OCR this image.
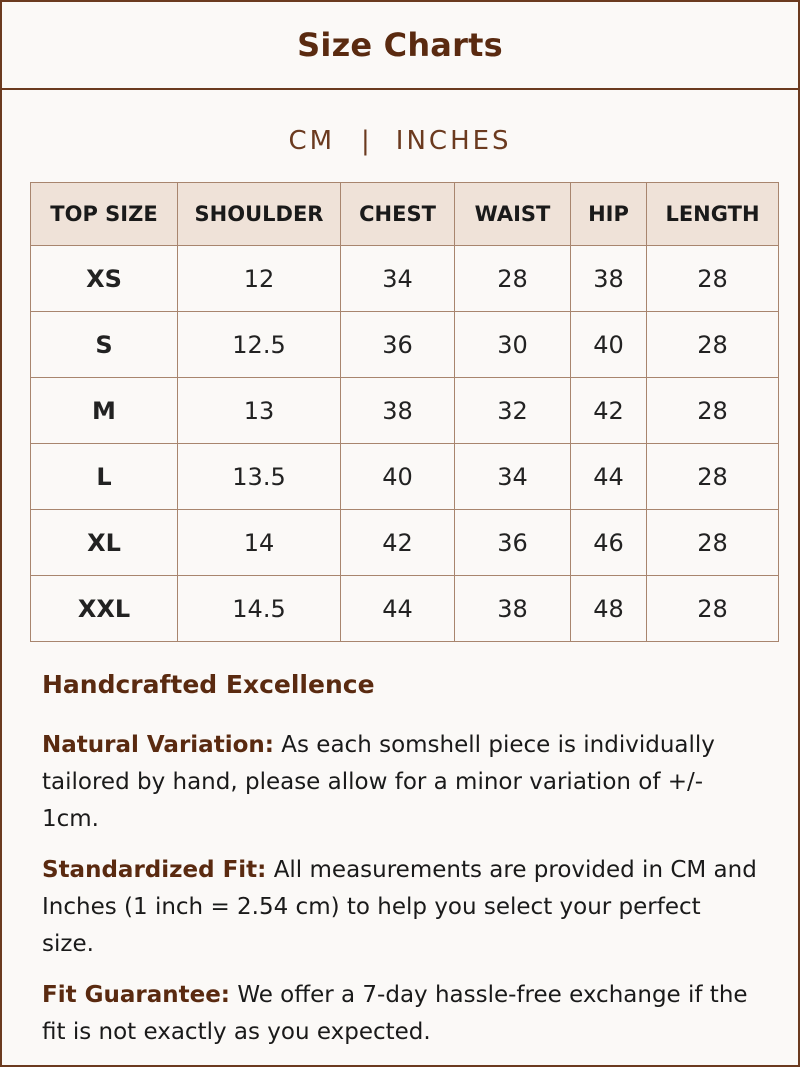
Size Charts
CM | INCHES
TOP SIZE	SHOULDER	CHEST	WAIST	HIP	LENGTH
XS	12	34	28	38	28
S	12.5	36	30	40	28
M	13	38	32	42	28
L	13.5	40	34	44	28
XL	14	42	36	46	28
XXL	14.5	44	38	48	28
Handcrafted Excellence

Natural Variation: As each somshell piece is individually tailored by hand, please allow for a minor variation of +/- 1cm.

Standardized Fit: All measurements are provided in CM and Inches (1 inch = 2.54 cm) to help you select your perfect size.

Fit Guarantee: We offer a 7-day hassle-free exchange if the fit is not exactly as you expected.
